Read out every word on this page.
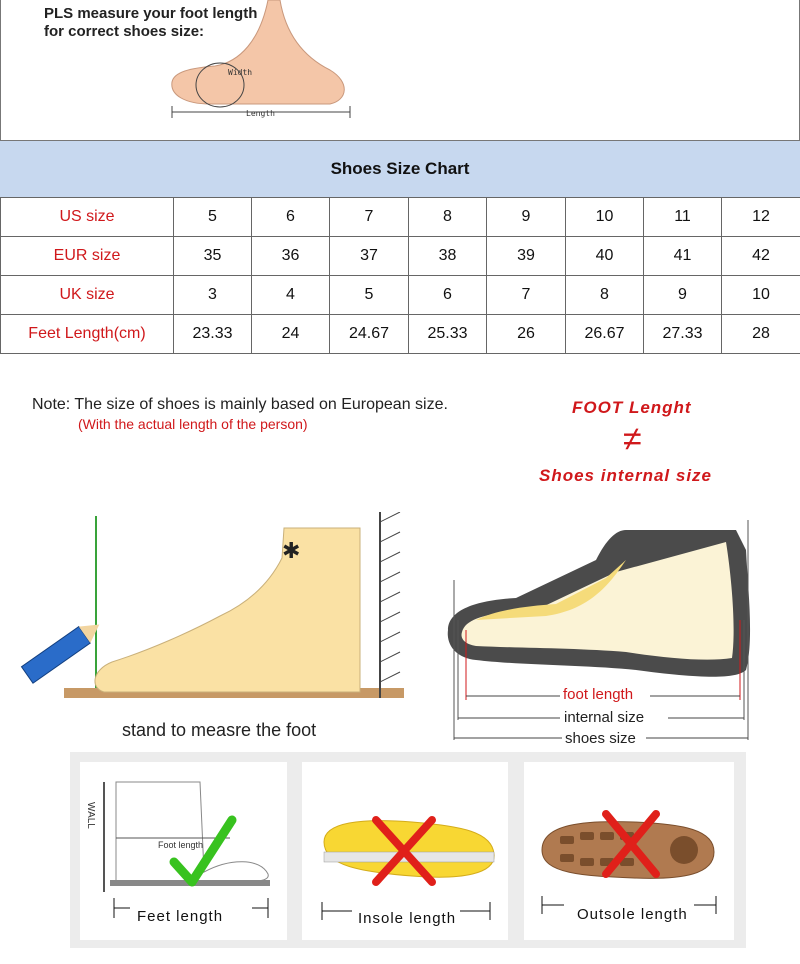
PLS measure your foot length
for correct shoes size:
Width
Length
Shoes Size Chart
US size	5	6	7	8	9	10	11	12
EUR size	35	36	37	38	39	40	41	42
UK size	3	4	5	6	7	8	9	10
Feet Length(cm)	23.33	24	24.67	25.33	26	26.67	27.33	28
Note: The size of shoes is mainly based on European size.
(With the actual length of the person)
FOOT Lenght
≠
Shoes internal size
✱
stand to measre the foot
foot length
internal size
shoes size
WALL
Foot length
Feet length	Insole length	Outsole length
